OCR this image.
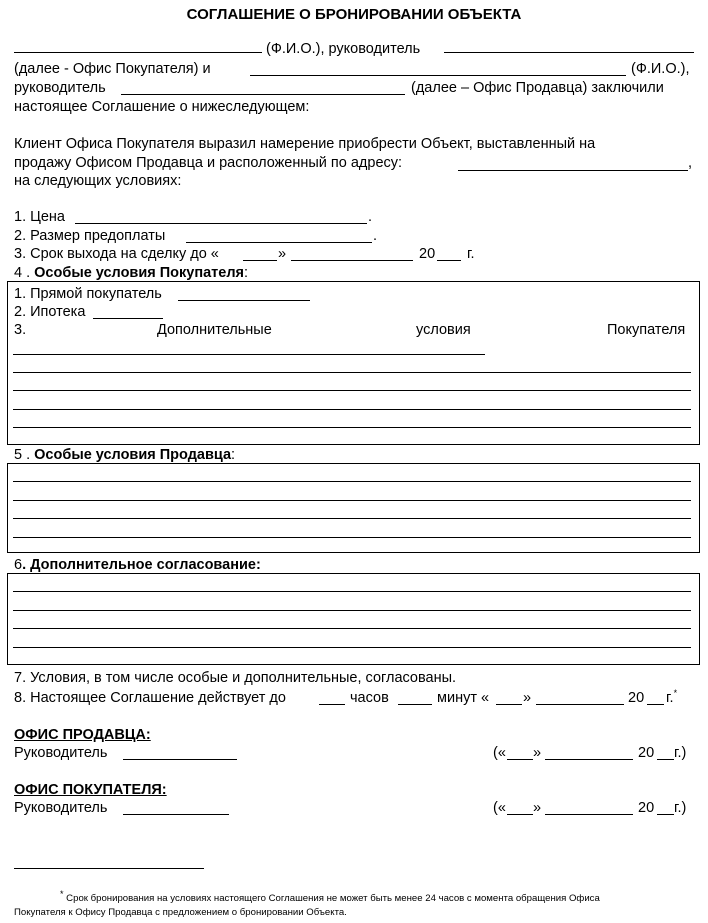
СОГЛАШЕНИЕ О БРОНИРОВАНИИ ОБЪЕКТА
(Ф.И.О.), руководитель
(далее - Офис Покупателя) и	(Ф.И.О.),
руководитель	(далее – Офис Продавца) заключили
настоящее Соглашение о нижеследующем:
Клиент Офиса Покупателя выразил намерение приобрести Объект, выставленный на
продажу Офисом Продавца и расположенный по адресу:	,
на следующих условиях:
1. Цена	.
2. Размер предоплаты	.
3. Срок выхода на сделку до «	»	20 г.
4 . Особые условия Покупателя:
1. Прямой покупатель
2. Ипотека
3.	Дополнительные	условия	Покупателя
5 . Особые условия Продавца:
6. Дополнительное согласование:
7. Условия, в том числе особые и дополнительные, согласованы.
8. Настоящее Соглашение действует до	часов	минут « »	20 г.*
ОФИС ПРОДАВЦА:
Руководитель	(« »	20 г.)
ОФИС ПОКУПАТЕЛЯ:
Руководитель	(« »	20 г.)
* Срок бронирования на условиях настоящего Соглашения не может быть менее 24 часов с момента обращения Офиса
Покупателя к Офису Продавца с предложением о бронировании Объекта.
